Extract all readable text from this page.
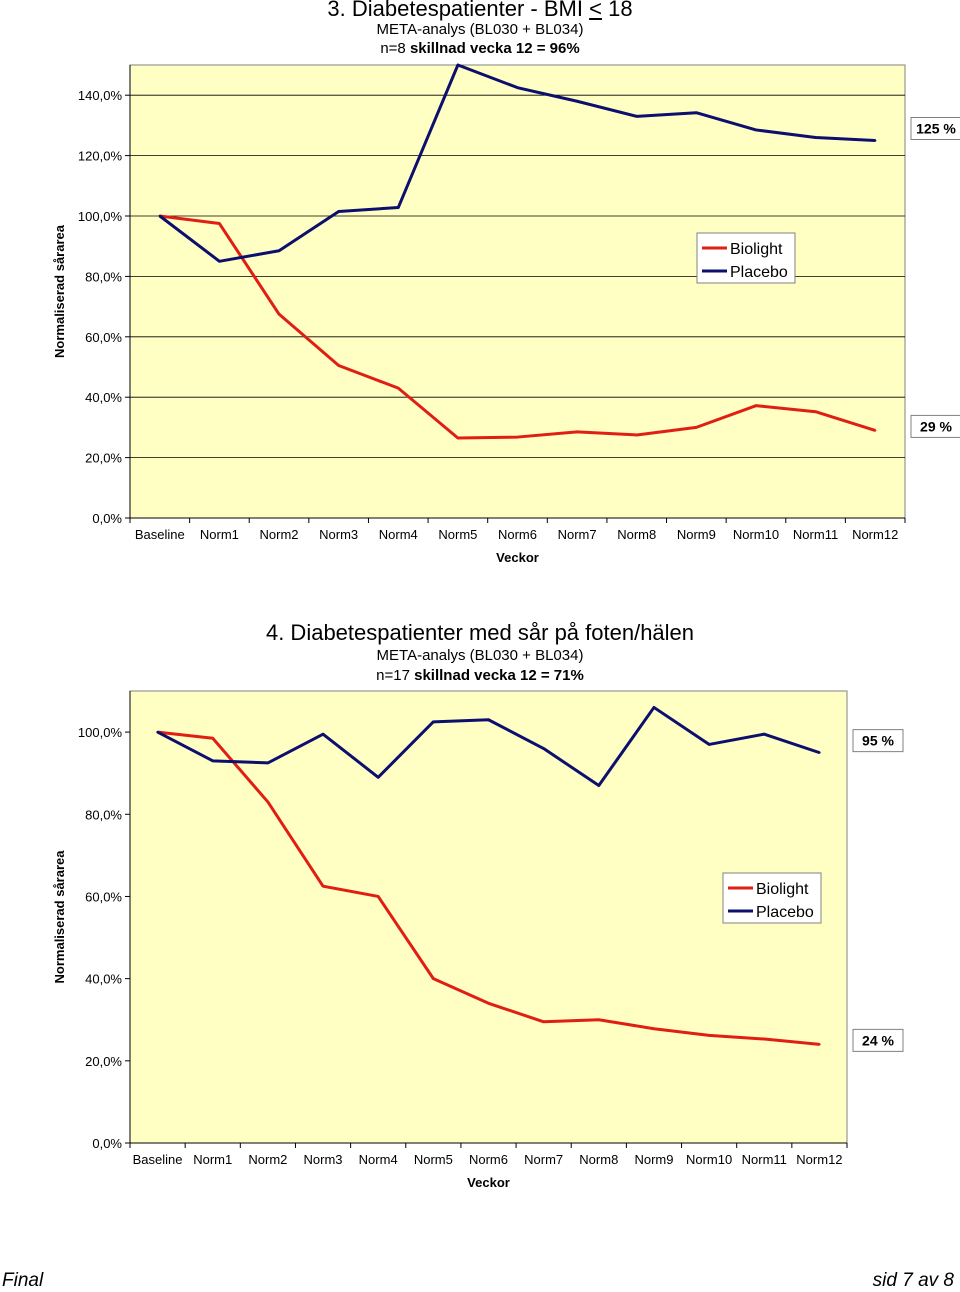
3. Diabetespatienter - BMI < 18
META-analys (BL030 + BL034)
n=8 skillnad vecka 12 = 96%
0,0%
20,0%
40,0%
60,0%
80,0%
100,0%
120,0%
140,0%
Baseline Norm1 Norm2 Norm3 Norm4 Norm5 Norm6 Norm7 Norm8 Norm9 Norm10 Norm11 Norm12
Veckor
Normaliserad sårarea
125 %
29 %
Biolight
Placebo
4. Diabetespatienter med sår på foten/hälen
META-analys (BL030 + BL034)
n=17 skillnad vecka 12 = 71%
0,0%
20,0%
40,0%
60,0%
80,0%
100,0%
Baseline Norm1 Norm2 Norm3 Norm4 Norm5 Norm6 Norm7 Norm8 Norm9 Norm10 Norm11 Norm12
Veckor
Normaliserad sårarea
95 %
24 %
Biolight
Placebo
Final	sid 7 av 8
